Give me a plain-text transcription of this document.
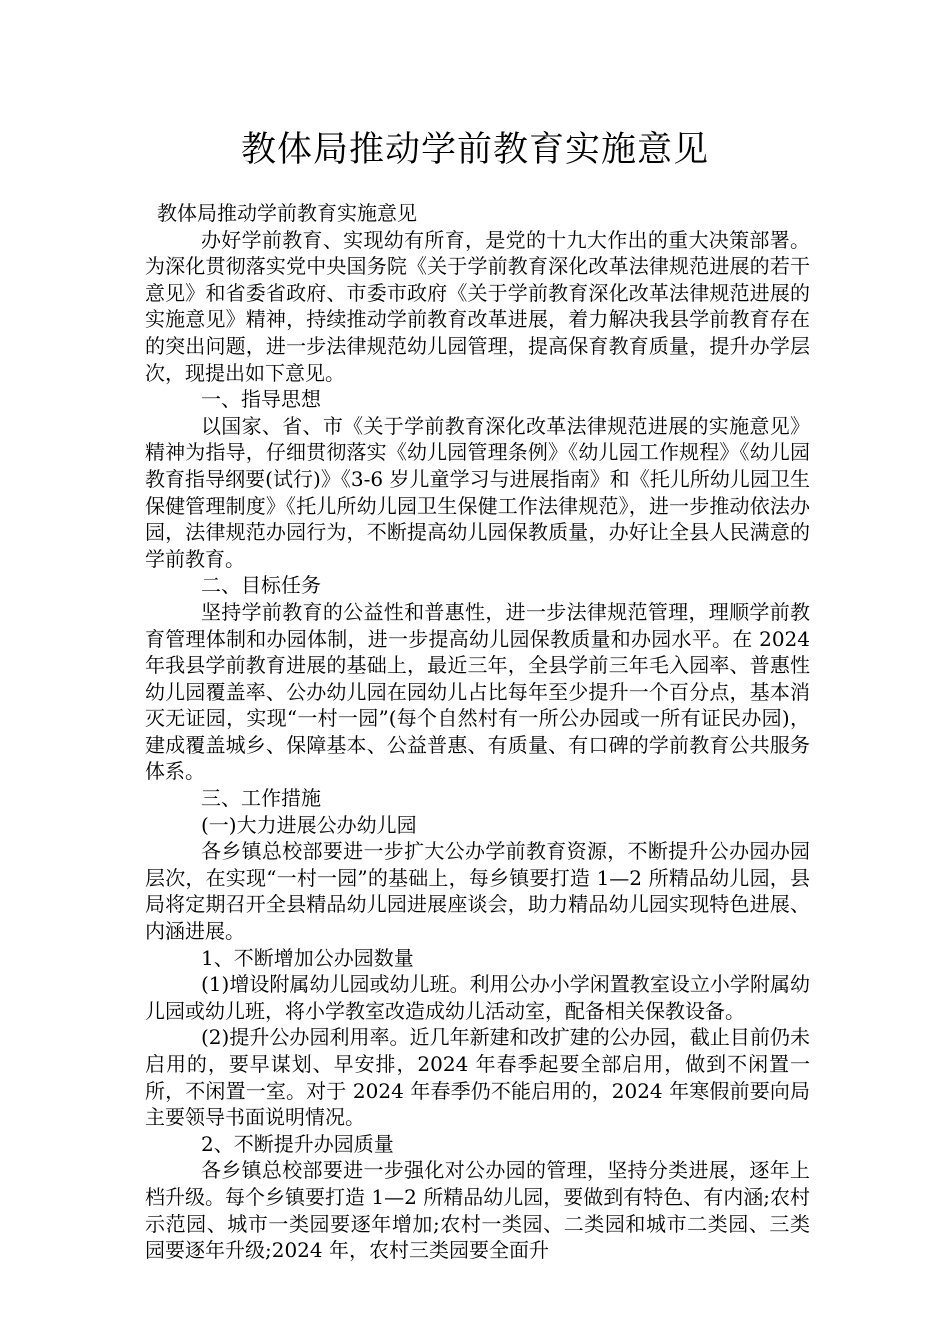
教体局推动学前教育实施意见

教体局推动学前教育实施意见

办好学前教育、实现幼有所育，是党的十九大作出的重大决策部署。为深化贯彻落实党中央国务院《关于学前教育深化改革法律规范进展的若干意见》和省委省政府、市委市政府《关于学前教育深化改革法律规范进展的实施意见》精神，持续推动学前教育改革进展，着力解决我县学前教育存在的突出问题，进一步法律规范幼儿园管理，提高保育教育质量，提升办学层次，现提出如下意见。

一、指导思想

以国家、省、市《关于学前教育深化改革法律规范进展的实施意见》精神为指导，仔细贯彻落实《幼儿园管理条例》《幼儿园工作规程》《幼儿园教育指导纲要(试行)》《3-6 岁儿童学习与进展指南》和《托儿所幼儿园卫生保健管理制度》《托儿所幼儿园卫生保健工作法律规范》，进一步推动依法办园，法律规范办园行为，不断提高幼儿园保教质量，办好让全县人民满意的学前教育。

二、目标任务

坚持学前教育的公益性和普惠性，进一步法律规范管理，理顺学前教育管理体制和办园体制，进一步提高幼儿园保教质量和办园水平。在 2024 年我县学前教育进展的基础上，最近三年，全县学前三年毛入园率、普惠性幼儿园覆盖率、公办幼儿园在园幼儿占比每年至少提升一个百分点，基本消灭无证园，实现“一村一园”(每个自然村有一所公办园或一所有证民办园)，建成覆盖城乡、保障基本、公益普惠、有质量、有口碑的学前教育公共服务体系。

三、工作措施

(一)大力进展公办幼儿园

各乡镇总校部要进一步扩大公办学前教育资源，不断提升公办园办园层次，在实现“一村一园”的基础上，每乡镇要打造 1—2 所精品幼儿园，县局将定期召开全县精品幼儿园进展座谈会，助力精品幼儿园实现特色进展、内涵进展。

1、不断增加公办园数量

(1)增设附属幼儿园或幼儿班。利用公办小学闲置教室设立小学附属幼儿园或幼儿班，将小学教室改造成幼儿活动室，配备相关保教设备。

(2)提升公办园利用率。近几年新建和改扩建的公办园，截止目前仍未启用的，要早谋划、早安排，2024 年春季起要全部启用，做到不闲置一所，不闲置一室。对于 2024 年春季仍不能启用的，2024 年寒假前要向局主要领导书面说明情况。

2、不断提升办园质量

各乡镇总校部要进一步强化对公办园的管理，坚持分类进展，逐年上档升级。每个乡镇要打造 1—2 所精品幼儿园，要做到有特色、有内涵;农村示范园、城市一类园要逐年增加;农村一类园、二类园和城市二类园、三类园要逐年升级;2024 年，农村三类园要全面升
